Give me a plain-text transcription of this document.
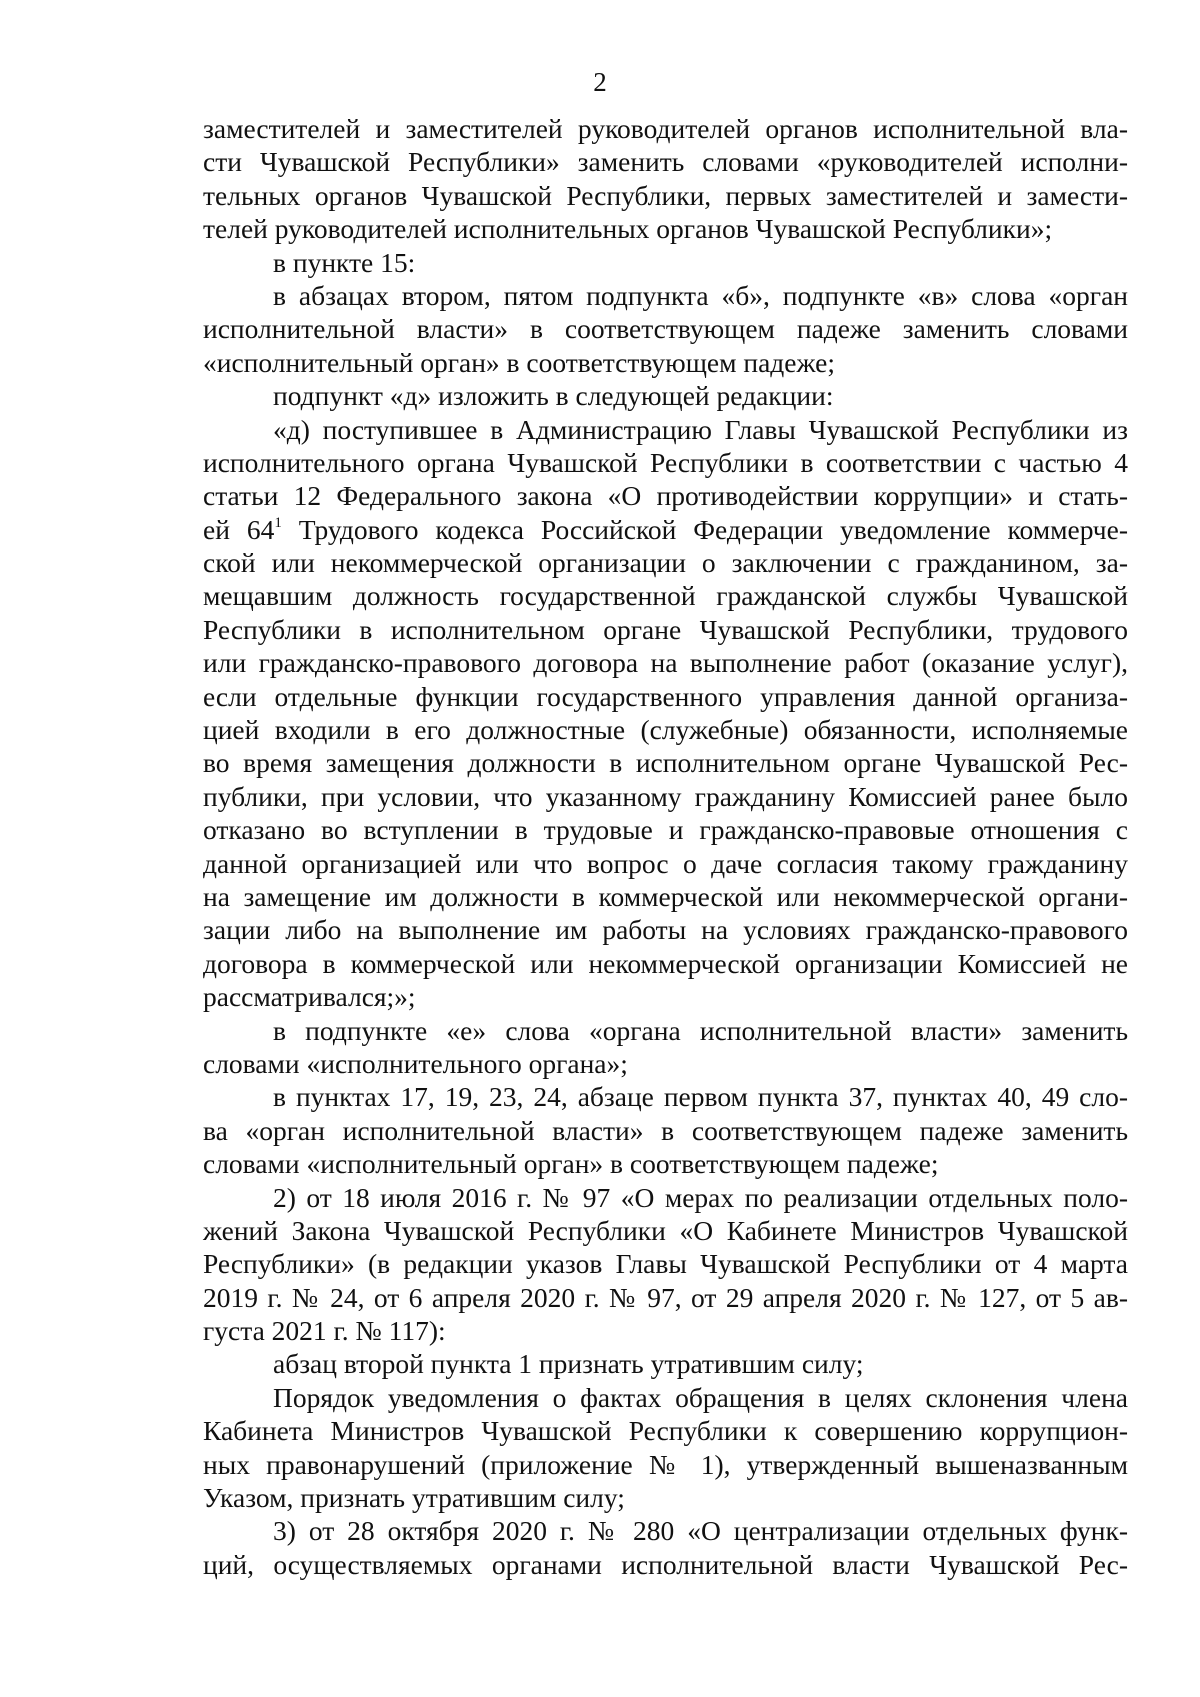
2
заместителей и заместителей руководителей органов исполнительной вла-
сти Чувашской Республики» заменить словами «руководителей исполни-
тельных органов Чувашской Республики, первых заместителей и замести-
телей руководителей исполнительных органов Чувашской Республики»;
в пункте 15:
в абзацах втором, пятом подпункта «б», подпункте «в» слова «орган
исполнительной власти» в соответствующем падеже заменить словами
«исполнительный орган» в соответствующем падеже;
подпункт «д» изложить в следующей редакции:
«д) поступившее в Администрацию Главы Чувашской Республики из
исполнительного органа Чувашской Республики в соответствии с частью 4
статьи 12 Федерального закона «О противодействии коррупции» и стать-
ей $64^1$ Трудового кодекса Российской Федерации уведомление коммерче-
ской или некоммерческой организации о заключении с гражданином, за-
мещавшим должность государственной гражданской службы Чувашской
Республики в исполнительном органе Чувашской Республики, трудового
или гражданско-правового договора на выполнение работ (оказание услуг),
если отдельные функции государственного управления данной организа-
цией входили в его должностные (служебные) обязанности, исполняемые
во время замещения должности в исполнительном органе Чувашской Рес-
публики, при условии, что указанному гражданину Комиссией ранее было
отказано во вступлении в трудовые и гражданско-правовые отношения с
данной организацией или что вопрос о даче согласия такому гражданину
на замещение им должности в коммерческой или некоммерческой органи-
зации либо на выполнение им работы на условиях гражданско-правового
договора в коммерческой или некоммерческой организации Комиссией не
рассматривался;»;
в подпункте «е» слова «органа исполнительной власти» заменить
словами «исполнительного органа»;
в пунктах 17, 19, 23, 24, абзаце первом пункта 37, пунктах 40, 49 сло-
ва «орган исполнительной власти» в соответствующем падеже заменить
словами «исполнительный орган» в соответствующем падеже;
2) от 18 июля 2016 г. № 97 «О мерах по реализации отдельных поло-
жений Закона Чувашской Республики «О Кабинете Министров Чувашской
Республики» (в редакции указов Главы Чувашской Республики от 4 марта
2019 г. № 24, от 6 апреля 2020 г. № 97, от 29 апреля 2020 г. № 127, от 5 ав-
густа 2021 г. № 117):
абзац второй пункта 1 признать утратившим силу;
Порядок уведомления о фактах обращения в целях склонения члена
Кабинета Министров Чувашской Республики к совершению коррупцион-
ных правонарушений (приложение № 1), утвержденный вышеназванным
Указом, признать утратившим силу;
3) от 28 октября 2020 г. № 280 «О централизации отдельных функ-
ций, осуществляемых органами исполнительной власти Чувашской Рес-
